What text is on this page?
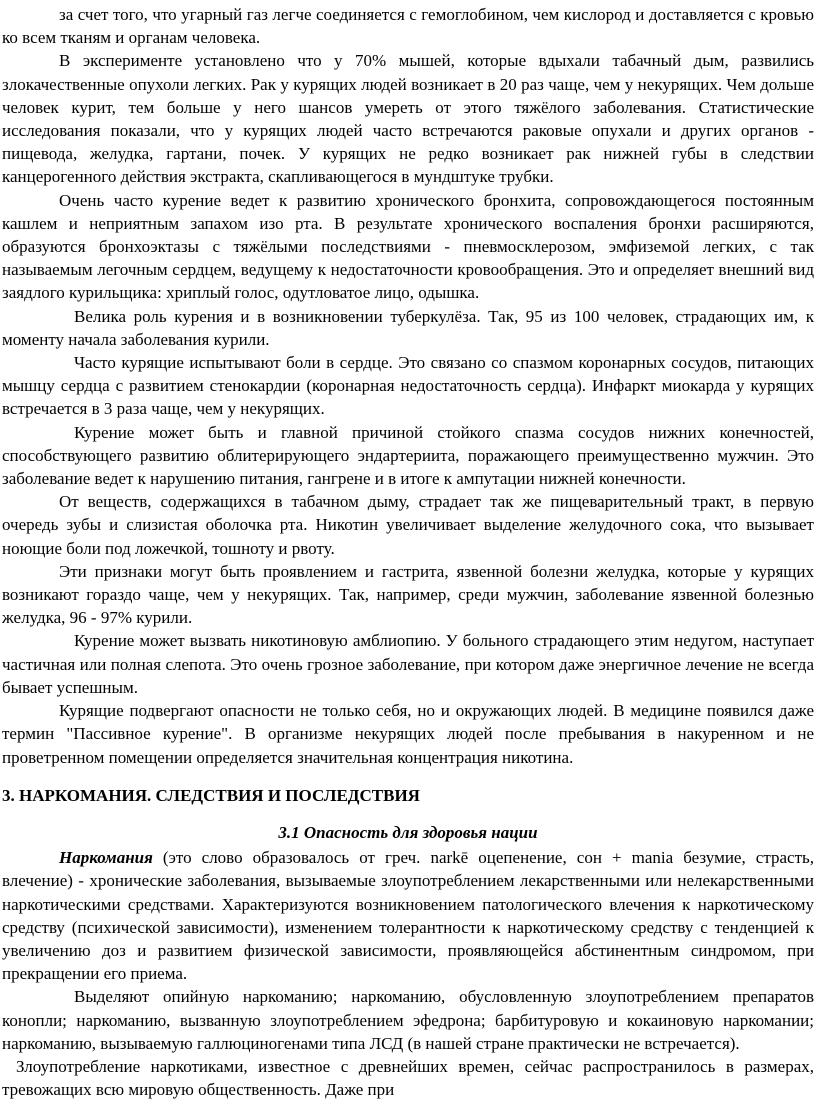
за счет того, что угарный газ легче соединяется с гемоглобином, чем кислород и доставляется с кровью ко всем тканям и органам человека.

В эксперименте установлено что у 70% мышей, которые вдыхали табачный дым, развились злокачественные опухоли легких. Рак у курящих людей возникает в 20 раз чаще, чем у некурящих. Чем дольше человек курит, тем больше у него шансов умереть от этого тяжёлого заболевания. Статистические исследования показали, что у курящих людей часто встречаются раковые опухали и других органов - пищевода, желудка, гартани, почек. У курящих не редко возникает рак нижней губы в следствии канцерогенного действия экстракта, скапливающегося в мундштуке трубки.

Очень часто курение ведет к развитию хронического бронхита, сопровождающегося постоянным кашлем и неприятным запахом изо рта. В результате хронического воспаления бронхи расширяются, образуются бронхоэктазы с тяжёлыми последствиями - пневмосклерозом, эмфиземой легких, с так называемым легочным сердцем, ведущему к недостаточности кровообращения. Это и определяет внешний вид заядлого курильщика: хриплый голос, одутловатое лицо, одышка.

Велика роль курения и в возникновении туберкулёза. Так, 95 из 100 человек, страдающих им, к моменту начала заболевания курили.

Часто курящие испытывают боли в сердце. Это связано со спазмом коронарных сосудов, питающих мышцу сердца с развитием стенокардии (коронарная недостаточность сердца). Инфаркт миокарда у курящих встречается в 3 раза чаще, чем у некурящих.

Курение может быть и главной причиной стойкого спазма сосудов нижних конечностей, способствующего развитию облитерирующего эндартериита, поражающего преимущественно мужчин. Это заболевание ведет к нарушению питания, гангрене и в итоге к ампутации нижней конечности.

От веществ, содержащихся в табачном дыму, страдает так же пищеварительный тракт, в первую очередь зубы и слизистая оболочка рта. Никотин увеличивает выделение желудочного сока, что вызывает ноющие боли под ложечкой, тошноту и рвоту.

Эти признаки могут быть проявлением и гастрита, язвенной болезни желудка, которые у курящих возникают гораздо чаще, чем у некурящих. Так, например, среди мужчин, заболевание язвенной болезнью желудка, 96 - 97% курили.

Курение может вызвать никотиновую амблиопию. У больного страдающего этим недугом, наступает частичная или полная слепота. Это очень грозное заболевание, при котором даже энергичное лечение не всегда бывает успешным.

Курящие подвергают опасности не только себя, но и окружающих людей. В медицине появился даже термин "Пассивное курение". В организме некурящих людей после пребывания в накуренном и не проветренном помещении определяется значительная концентрация никотина.

3. НАРКОМАНИЯ. СЛЕДСТВИЯ И ПОСЛЕДСТВИЯ

3.1 Опасность для здоровья нации

Наркомания (это слово образовалось от греч. narkē оцепенение, сон + mania безумие, страсть, влечение) - хронические заболевания, вызываемые злоупотреблением лекарственными или нелекарственными наркотическими средствами. Характеризуются возникновением патологического влечения к наркотическому средству (психической зависимости), изменением толерантности к наркотическому средству с тенденцией к увеличению доз и развитием физической зависимости, проявляющейся абстинентным синдромом, при прекращении его приема.

Выделяют опийную наркоманию; наркоманию, обусловленную злоупотреблением препаратов конопли; наркоманию, вызванную злоупотреблением эфедрона; барбитуровую и кокаиновую наркомании; наркоманию, вызываемую галлюциногенами типа ЛСД (в нашей стране практически не встречается).

Злоупотребление наркотиками, известное с древнейших времен, сейчас распространилось в размерах, тревожащих всю мировую общественность. Даже при
